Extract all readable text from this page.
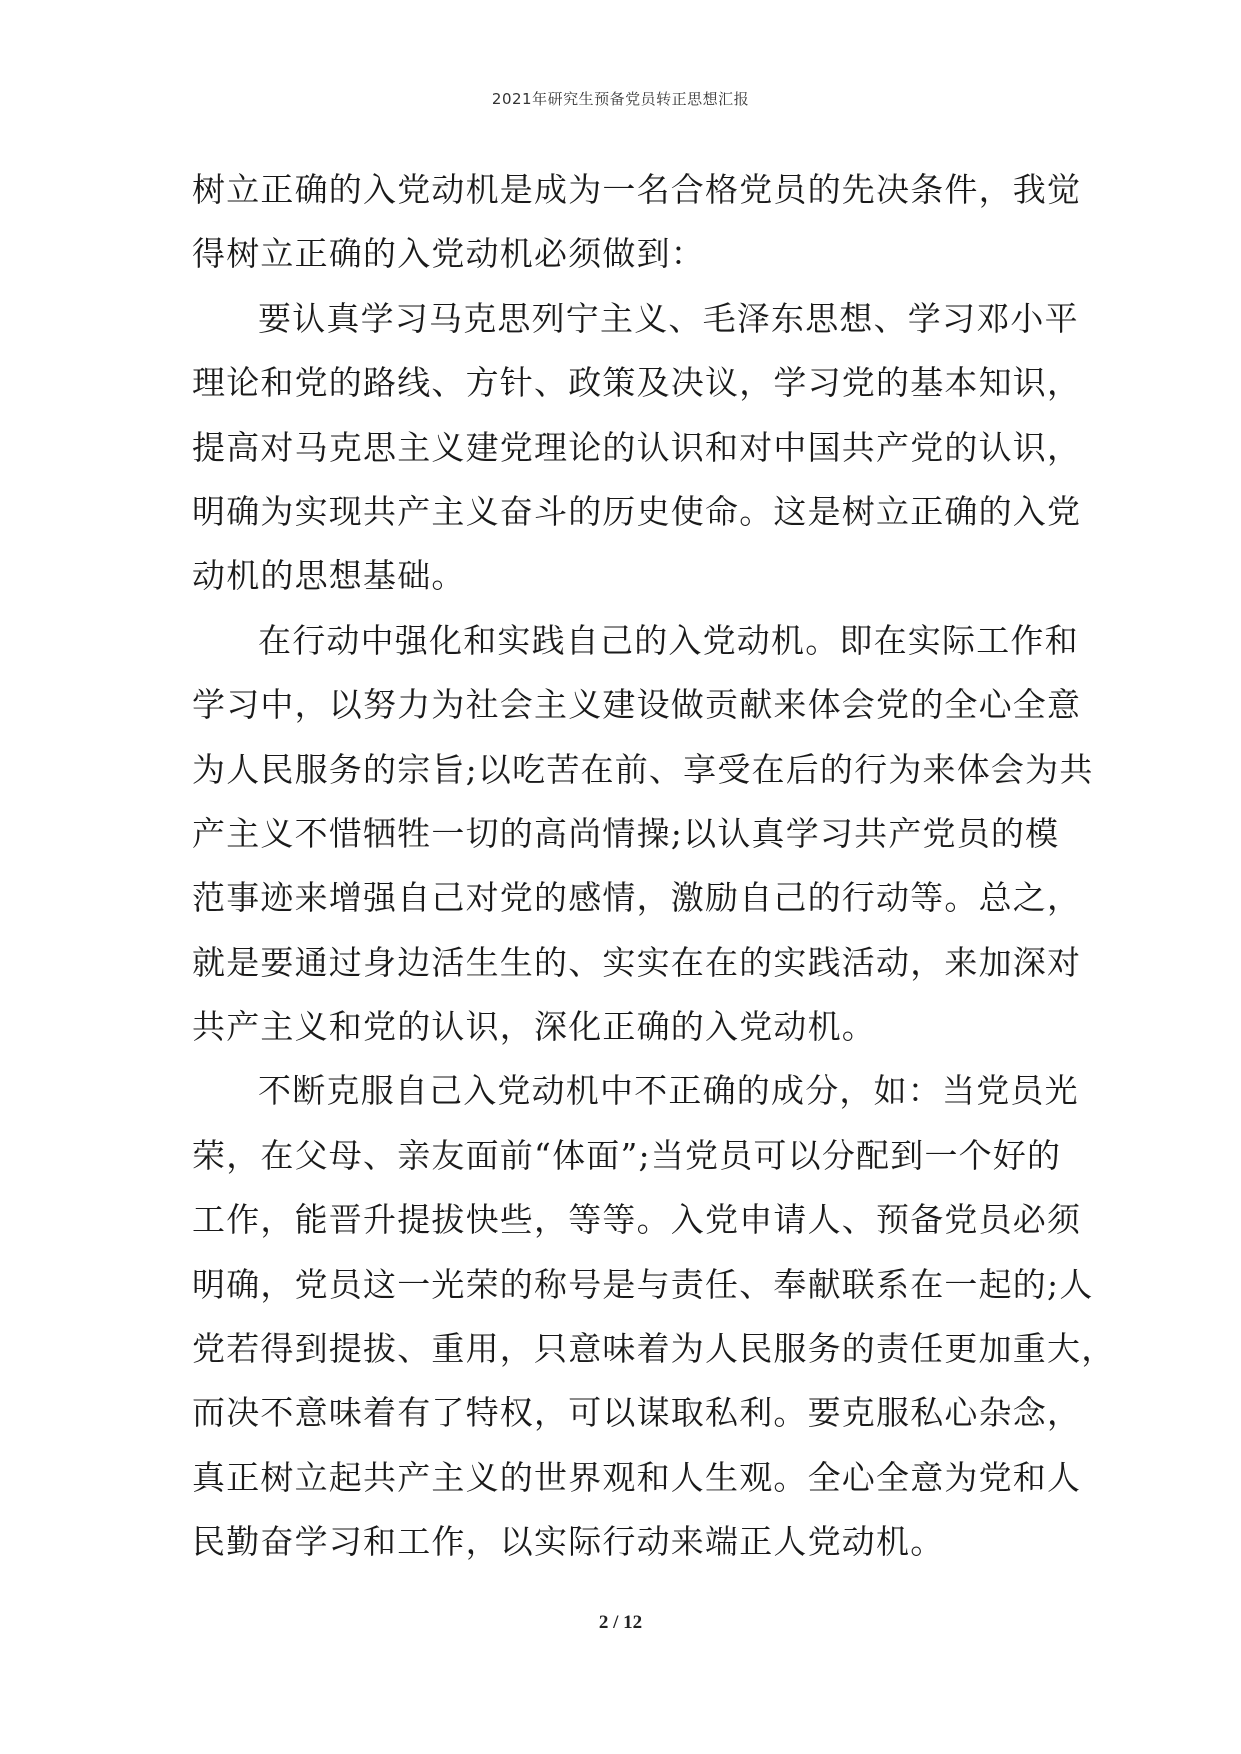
2021年研究生预备党员转正思想汇报
树立正确的入党动机是成为一名合格党员的先决条件，我觉
得树立正确的入党动机必须做到：
要认真学习马克思列宁主义、毛泽东思想、学习邓小平
理论和党的路线、方针、政策及决议，学习党的基本知识，
提高对马克思主义建党理论的认识和对中国共产党的认识，
明确为实现共产主义奋斗的历史使命。这是树立正确的入党
动机的思想基础。
在行动中强化和实践自己的入党动机。即在实际工作和
学习中，以努力为社会主义建设做贡献来体会党的全心全意
为人民服务的宗旨;以吃苦在前、享受在后的行为来体会为共
产主义不惜牺牲一切的高尚情操;以认真学习共产党员的模
范事迹来增强自己对党的感情，激励自己的行动等。总之，
就是要通过身边活生生的、实实在在的实践活动，来加深对
共产主义和党的认识，深化正确的入党动机。
不断克服自己入党动机中不正确的成分，如：当党员光
荣，在父母、亲友面前“体面”;当党员可以分配到一个好的
工作，能晋升提拔快些，等等。入党申请人、预备党员必须
明确，党员这一光荣的称号是与责任、奉献联系在一起的;人
党若得到提拔、重用，只意味着为人民服务的责任更加重大，
而决不意味着有了特权，可以谋取私利。要克服私心杂念，
真正树立起共产主义的世界观和人生观。全心全意为党和人
民勤奋学习和工作，以实际行动来端正人党动机。
2 / 12
